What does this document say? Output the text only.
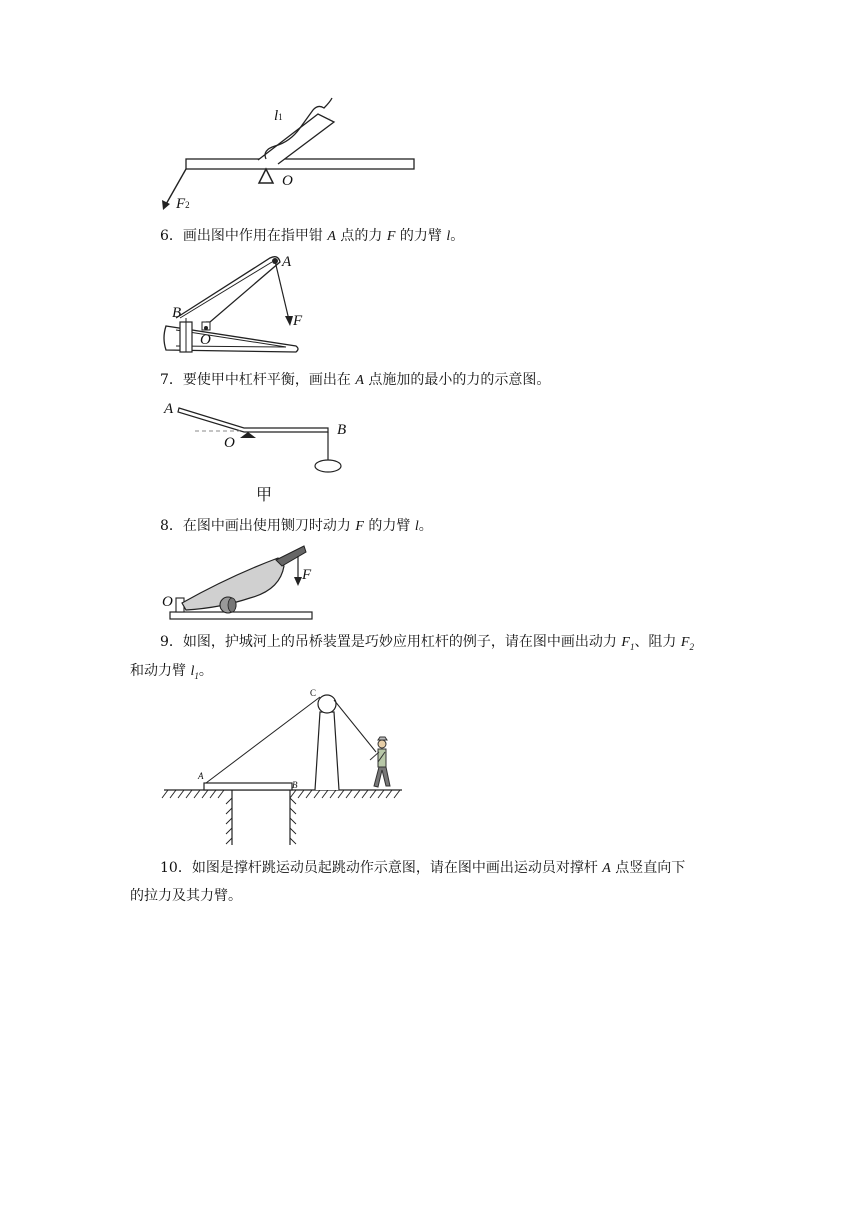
l1
O
F2
6．画出图中作用在指甲钳 A 点的力 F 的力臂 l。
A
B
O
F
7．要使甲中杠杆平衡，画出在 A 点施加的最小的力的示意图。
A
O
B
甲
8．在图中画出使用铡刀时动力 F 的力臂 l。
O
F
9．如图，护城河上的吊桥装置是巧妙应用杠杆的例子，请在图中画出动力 $F_1$、阻力 $F_2$
和动力臂 $l_1$。
A
B
C
10．如图是撑杆跳运动员起跳动作示意图，请在图中画出运动员对撑杆 A 点竖直向下
的拉力及其力臂。
